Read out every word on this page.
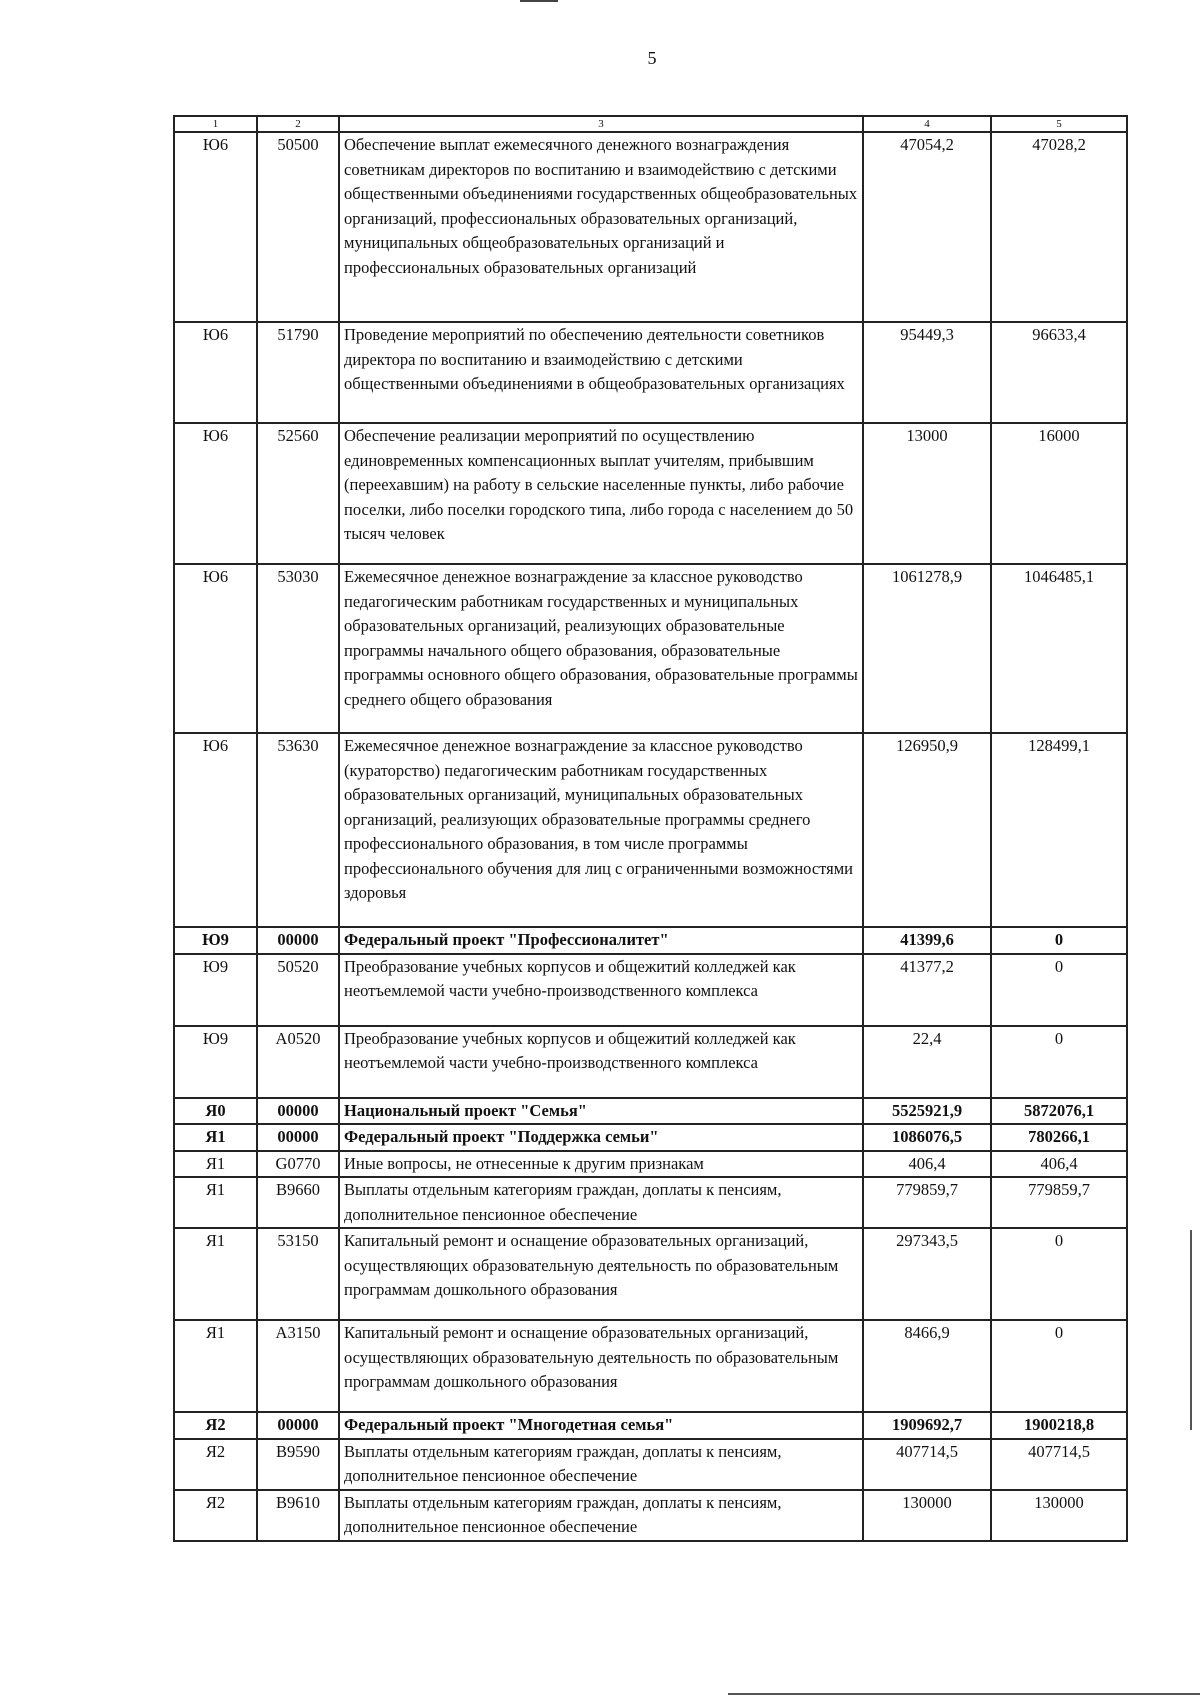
5
1	2	3	4	5
Ю6	50500	Обеспечение выплат ежемесячного денежного вознаграждения советникам директоров по воспитанию и взаимодействию с детскими общественными объединениями государственных общеобразовательных организаций, профессиональных образовательных организаций, муниципальных общеобразовательных организаций и профессиональных образовательных организаций	47054,2	47028,2
Ю6	51790	Проведение мероприятий по обеспечению деятельности советников директора по воспитанию и взаимодействию с детскими общественными объединениями в общеобразовательных организациях	95449,3	96633,4
Ю6	52560	Обеспечение реализации мероприятий по осуществлению единовременных компенсационных выплат учителям, прибывшим (переехавшим) на работу в сельские населенные пункты, либо рабочие поселки, либо поселки городского типа, либо города с населением до 50 тысяч человек	13000	16000
Ю6	53030	Ежемесячное денежное вознаграждение за классное руководство педагогическим работникам государственных и муниципальных образовательных организаций, реализующих образовательные программы начального общего образования, образовательные программы основного общего образования, образовательные программы среднего общего образования	1061278,9	1046485,1
Ю6	53630	Ежемесячное денежное вознаграждение за классное руководство (кураторство) педагогическим работникам государственных образовательных организаций, муниципальных образовательных организаций, реализующих образовательные программы среднего профессионального образования, в том числе программы профессионального обучения для лиц с ограниченными возможностями здоровья	126950,9	128499,1
Ю9	00000	Федеральный проект "Профессионалитет"	41399,6	0
Ю9	50520	Преобразование учебных корпусов и общежитий колледжей как неотъемлемой части учебно-производственного комплекса	41377,2	0
Ю9	А0520	Преобразование учебных корпусов и общежитий колледжей как неотъемлемой части учебно-производственного комплекса	22,4	0
Я0	00000	Национальный проект "Семья"	5525921,9	5872076,1
Я1	00000	Федеральный проект "Поддержка семьи"	1086076,5	780266,1
Я1	G0770	Иные вопросы, не отнесенные к другим признакам	406,4	406,4
Я1	В9660	Выплаты отдельным категориям граждан, доплаты к пенсиям, дополнительное пенсионное обеспечение	779859,7	779859,7
Я1	53150	Капитальный ремонт и оснащение образовательных организаций, осуществляющих образовательную деятельность по образовательным программам дошкольного образования	297343,5	0
Я1	А3150	Капитальный ремонт и оснащение образовательных организаций, осуществляющих образовательную деятельность по образовательным программам дошкольного образования	8466,9	0
Я2	00000	Федеральный проект "Многодетная семья"	1909692,7	1900218,8
Я2	В9590	Выплаты отдельным категориям граждан, доплаты к пенсиям, дополнительное пенсионное обеспечение	407714,5	407714,5
Я2	В9610	Выплаты отдельным категориям граждан, доплаты к пенсиям, дополнительное пенсионное обеспечение	130000	130000
